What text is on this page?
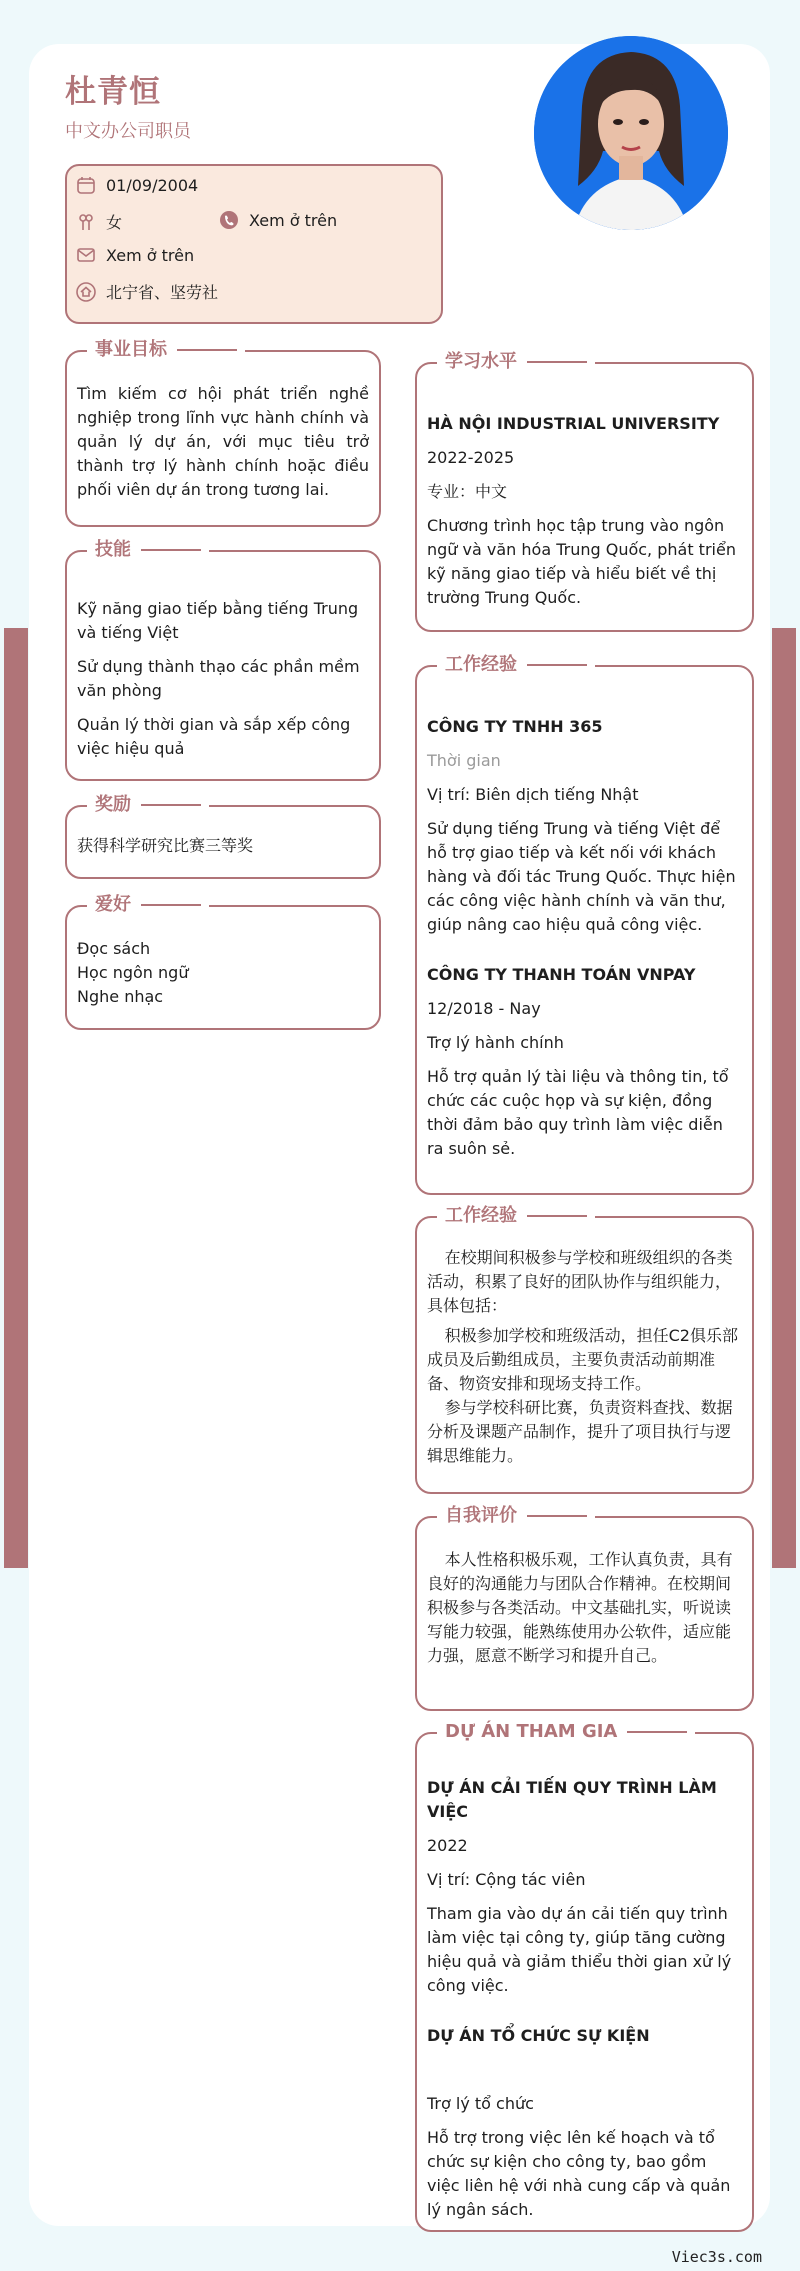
杜青恒
中文办公司职员
01/09/2004
女	Xem ở trên
Xem ở trên
北宁省、坚劳社
事业目标
Tìm kiếm cơ hội phát triển nghề nghiệp trong lĩnh vực hành chính và quản lý dự án, với mục tiêu trở thành trợ lý hành chính hoặc điều phối viên dự án trong tương lai.
技能
Kỹ năng giao tiếp bằng tiếng Trung và tiếng Việt
Sử dụng thành thạo các phần mềm văn phòng
Quản lý thời gian và sắp xếp công việc hiệu quả
奖励
获得科学研究比赛三等奖
爱好
Đọc sách
Học ngôn ngữ
Nghe nhạc
学习水平
HÀ NỘI INDUSTRIAL UNIVERSITY
2022-2025
专业：中文
Chương trình học tập trung vào ngôn ngữ và văn hóa Trung Quốc, phát triển kỹ năng giao tiếp và hiểu biết về thị trường Trung Quốc.
工作经验
CÔNG TY TNHH 365
Thời gian
Vị trí: Biên dịch tiếng Nhật
Sử dụng tiếng Trung và tiếng Việt để hỗ trợ giao tiếp và kết nối với khách hàng và đối tác Trung Quốc. Thực hiện các công việc hành chính và văn thư, giúp nâng cao hiệu quả công việc.
CÔNG TY THANH TOÁN VNPAY
12/2018 - Nay
Trợ lý hành chính
Hỗ trợ quản lý tài liệu và thông tin, tổ chức các cuộc họp và sự kiện, đồng thời đảm bảo quy trình làm việc diễn ra suôn sẻ.
工作经验
在校期间积极参与学校和班级组织的各类活动，积累了良好的团队协作与组织能力，具体包括：
积极参加学校和班级活动，担任C2俱乐部成员及后勤组成员，主要负责活动前期准备、物资安排和现场支持工作。
参与学校科研比赛，负责资料查找、数据分析及课题产品制作，提升了项目执行与逻辑思维能力。
自我评价
本人性格积极乐观，工作认真负责，具有良好的沟通能力与团队合作精神。在校期间积极参与各类活动。中文基础扎实，听说读写能力较强，能熟练使用办公软件，适应能力强，愿意不断学习和提升自己。
DỰ ÁN THAM GIA
DỰ ÁN CẢI TIẾN QUY TRÌNH LÀM VIỆC
2022
Vị trí: Cộng tác viên
Tham gia vào dự án cải tiến quy trình làm việc tại công ty, giúp tăng cường hiệu quả và giảm thiểu thời gian xử lý công việc.
DỰ ÁN TỔ CHỨC SỰ KIỆN
Trợ lý tổ chức
Hỗ trợ trong việc lên kế hoạch và tổ chức sự kiện cho công ty, bao gồm việc liên hệ với nhà cung cấp và quản lý ngân sách.
Viec3s.com
